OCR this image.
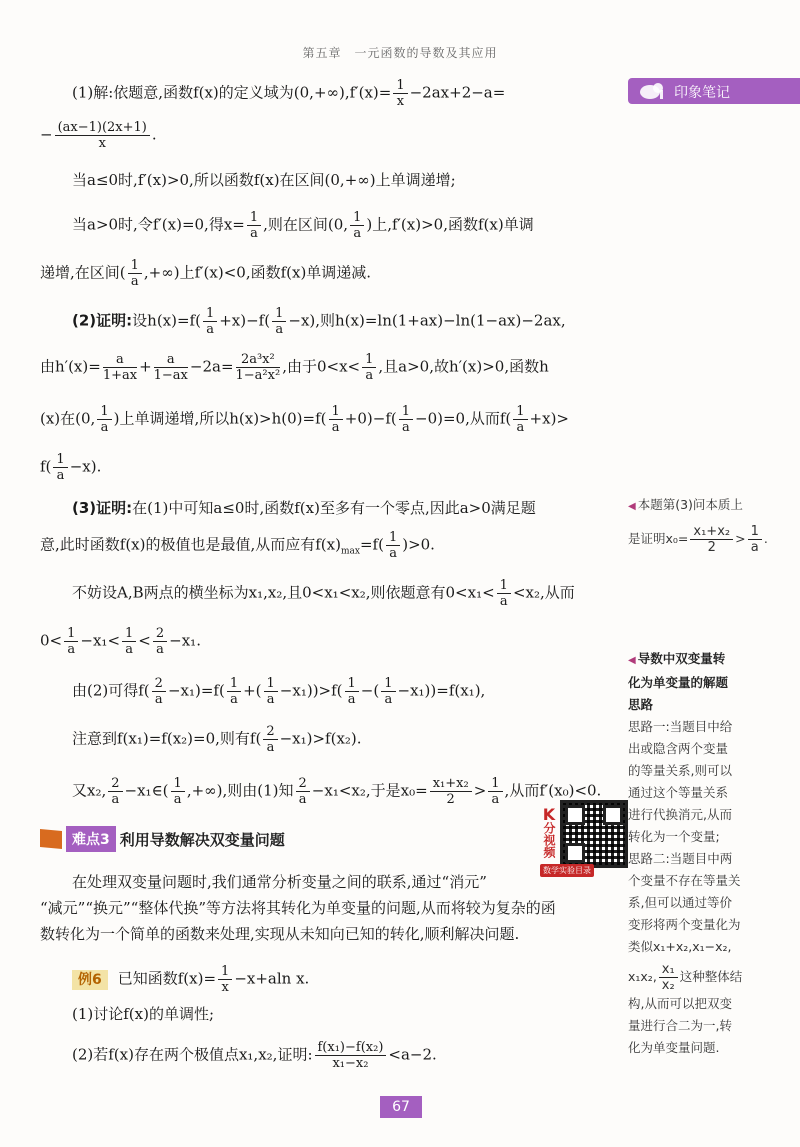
第五章　一元函数的导数及其应用
印象笔记
(1)解:依题意,函数f(x)的定义域为$(0,+\infty),f'(x)= \frac{1}{x} -2ax+2-a=$
− $\frac{(ax-1)(2x+1)}{x}$ .
当a≤0时,f′(x)>0,所以函数f(x)在区间(0,+∞)上单调递增;
当a>0时,令f′(x)=0,得$x= \frac{1}{a}$ ,则在区间(0, $\frac{1}{a}$ )上,f′(x)>0,函数f(x)单调
递增,在区间( $\frac{1}{a}$ ,+∞)上f′(x)<0,函数f(x)单调递减.
(2)证明:设$h(x)=f( \frac{1}{a} +x)-f( \frac{1}{a} -x)$,则h(x)=ln(1+ax)−ln(1−ax)−2ax,
由$h'(x)= \frac{a}{1+ax} + \frac{a}{1-ax} -2a= \frac{\text{2a³x²}}{\text{1−a²x²}}$ ,由于$0<x< \frac{1}{a}$ ,且a>0,故h′(x)>0,函数h
(x)在(0, $\frac{1}{a}$ )上单调递增,所以$h(x)>h(0)=f( \frac{1}{a} +0)-f( \frac{1}{a} -0)=0$,从而$f( \frac{1}{a} +x)>$
$f( \frac{1}{a} -x)$.
(3)证明:在(1)中可知a≤0时,函数f(x)至多有一个零点,因此a>0满足题
意,此时函数f(x)的极值也是最值,从而应有$f(x)_{max}=f( \frac{1}{a} )>0$.
不妨设A,B两点的横坐标为x₁,x₂,且0<x₁<x₂,则依题意有$0<x_1< \frac{1}{a} <x_2$,从而
$0< \frac{1}{a} -x_1< \frac{1}{a} < \frac{2}{a} -x_1$.
由(2)可得$f( \frac{2}{a} -x_1)=f( \frac{1}{a}$ +( $\frac{1}{a} -x_1))>f( \frac{1}{a}$ −( $\frac{1}{a} -x_1))=f(x_1)$,
注意到f(x₁)=f(x₂)=0,则有$f( \frac{2}{a} -x_1)>f(x_2)$.
又x₂, $\frac{2}{a}$ −x₁∈( $\frac{1}{a}$ ,+∞),则由(1)知 $\frac{2}{a} -x_1<x_2$,于是$x_0= \frac{\text{x₁+x₂}}{2} > \frac{1}{a}$ ,从而f′(x₀)<0.
◀ 本题第(3)问本质上
是证明$x_0= \frac{\text{x₁+x₂}}{2} > \frac{1}{a}$ .
◀ 导数中双变量转
化为单变量的解题
思路
思路一:当题目中给
出或隐含两个变量
的等量关系,则可以
通过这个等量关系
进行代换消元,从而
转化为一个变量;
思路二:当题目中两
个变量不存在等量关
系,但可以通过等价
变形将两个变量化为
类似x₁+x₂,x₁−x₂,
x₁x₂, $\frac{\text{x₁}}{\text{x₂}}$ 这种整体结
构,从而可以把双变
量进行合二为一,转
化为单变量问题.
K
分视频
数学实验目录
难点3 利用导数解决双变量问题
在处理双变量问题时,我们通常分析变量之间的联系,通过“消元”
“减元”“换元”“整体代换”等方法将其转化为单变量的问题,从而将较为复杂的函
数转化为一个简单的函数来处理,实现从未知向已知的转化,顺利解决问题.
例6 已知函数$f(x)= \frac{1}{x} -x+aln$ x.
(1)讨论f(x)的单调性;
(2)若f(x)存在两个极值点x₁,x₂,证明: $\frac{\text{f(x₁)−f(x₂)}}{\text{x₁−x₂}} <a-2$.
67
